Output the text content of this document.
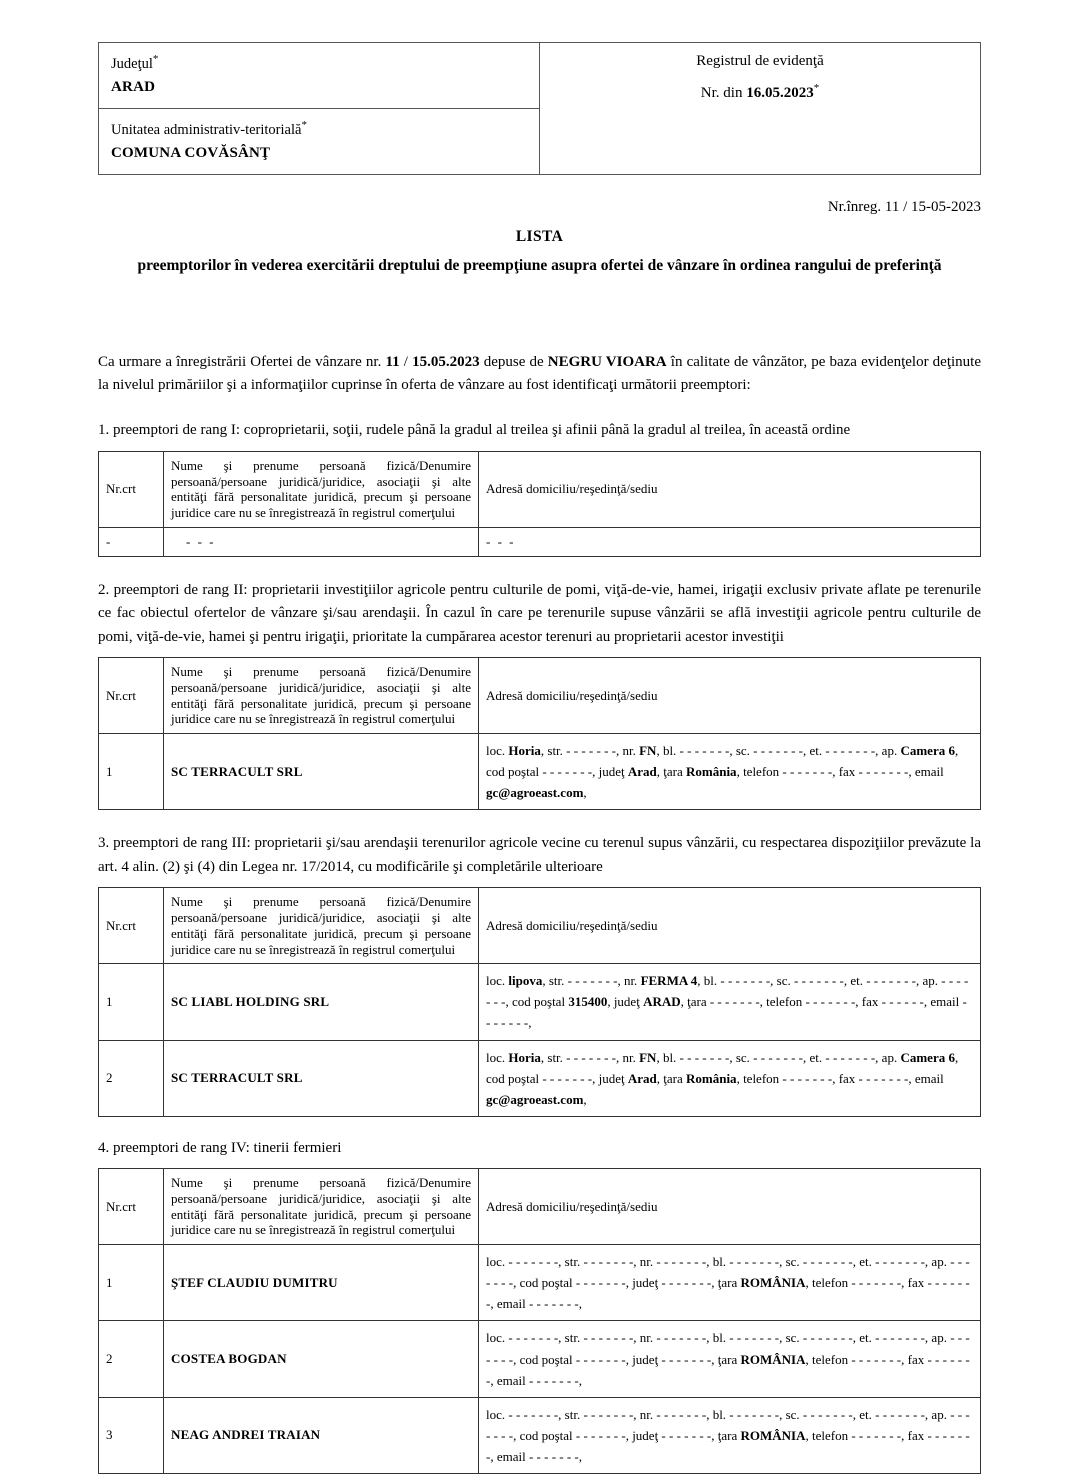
Judeţul*
ARAD

Registrul de evidenţă
Nr. din 16.05.2023*

Unitatea administrativ-teritorială*
COMUNA COVĂSÂNŢ
Nr.înreg. 11 / 15-05-2023
LISTA
preemptorilor în vederea exercitării dreptului de preempţiune asupra ofertei de vânzare în ordinea rangului de preferinţă
Ca urmare a înregistrării Ofertei de vânzare nr. 11 / 15.05.2023 depuse de NEGRU VIOARA în calitate de vânzător, pe baza evidenţelor deţinute la nivelul primăriilor şi a informaţiilor cuprinse în oferta de vânzare au fost identificaţi următorii preemptori:
1. preemptori de rang I: coproprietarii, soţii, rudele până la gradul al treilea şi afinii până la gradul al treilea, în această ordine
Nr.crt	Nume şi prenume persoană fizică/Denumire persoană/persoane juridică/juridice, asociaţii şi alte entităţi fără personalitate juridică, precum şi persoane juridice care nu se înregistrează în registrul comerţului	Adresă domiciliu/reşedinţă/sediu
-	- - -	- - -
2. preemptori de rang II: proprietarii investiţiilor agricole pentru culturile de pomi, viţă-de-vie, hamei, irigaţii exclusiv private aflate pe terenurile ce fac obiectul ofertelor de vânzare şi/sau arendaşii. În cazul în care pe terenurile supuse vânzării se află investiţii agricole pentru culturile de pomi, viţă-de-vie, hamei şi pentru irigaţii, prioritate la cumpărarea acestor terenuri au proprietarii acestor investiţii
Nr.crt	Nume şi prenume persoană fizică/Denumire persoană/persoane juridică/juridice, asociaţii şi alte entităţi fără personalitate juridică, precum şi persoane juridice care nu se înregistrează în registrul comerţului	Adresă domiciliu/reşedinţă/sediu
1	SC TERRACULT SRL	loc. Horia, str. - - - - - - -, nr. FN, bl. - - - - - - -, sc. - - - - - - -, et. - - - - - - -, ap. Camera 6, cod poştal - - - - - - -, judeţ Arad, ţara România, telefon - - - - - - -, fax - - - - - - -, email gc@agroeast.com,
3. preemptori de rang III: proprietarii şi/sau arendaşii terenurilor agricole vecine cu terenul supus vânzării, cu respectarea dispoziţiilor prevăzute la art. 4 alin. (2) şi (4) din Legea nr. 17/2014, cu modificările şi completările ulterioare
Nr.crt	Nume şi prenume persoană fizică/Denumire persoană/persoane juridică/juridice, asociaţii şi alte entităţi fără personalitate juridică, precum şi persoane juridice care nu se înregistrează în registrul comerţului	Adresă domiciliu/reşedinţă/sediu
1	SC LIABL HOLDING SRL	loc. lipova, str. - - - - - - -, nr. FERMA 4, bl. - - - - - - -, sc. - - - - - - -, et. - - - - - - -, ap. - - - - - - -, cod poştal 315400, judeţ ARAD, ţara - - - - - - -, telefon - - - - - - -, fax - - - - - -, email - - - - - - -,
2	SC TERRACULT SRL	loc. Horia, str. - - - - - - -, nr. FN, bl. - - - - - - -, sc. - - - - - - -, et. - - - - - - -, ap. Camera 6, cod poştal - - - - - - -, judeţ Arad, ţara România, telefon - - - - - - -, fax - - - - - - -, email gc@agroeast.com,
4. preemptori de rang IV: tinerii fermieri
Nr.crt	Nume şi prenume persoană fizică/Denumire persoană/persoane juridică/juridice, asociaţii şi alte entităţi fără personalitate juridică, precum şi persoane juridice care nu se înregistrează în registrul comerţului	Adresă domiciliu/reşedinţă/sediu
1	ŞTEF CLAUDIU DUMITRU	loc. - - - - - - -, str. - - - - - - -, nr. - - - - - - -, bl. - - - - - - -, sc. - - - - - - -, et. - - - - - - -, ap. - - - - - - -, cod poştal - - - - - - -, judeţ - - - - - - -, ţara ROMÂNIA, telefon - - - - - - -, fax - - - - - - -, email - - - - - - -,
2	COSTEA BOGDAN	loc. - - - - - - -, str. - - - - - - -, nr. - - - - - - -, bl. - - - - - - -, sc. - - - - - - -, et. - - - - - - -, ap. - - - - - - -, cod poştal - - - - - - -, judeţ - - - - - - -, ţara ROMÂNIA, telefon - - - - - - -, fax - - - - - - -, email - - - - - - -,
3	NEAG ANDREI TRAIAN	loc. - - - - - - -, str. - - - - - - -, nr. - - - - - - -, bl. - - - - - - -, sc. - - - - - - -, et. - - - - - - -, ap. - - - - - - -, cod poştal - - - - - - -, judeţ - - - - - - -, ţara ROMÂNIA, telefon - - - - - - -, fax - - - - - - -, email - - - - - - -,
